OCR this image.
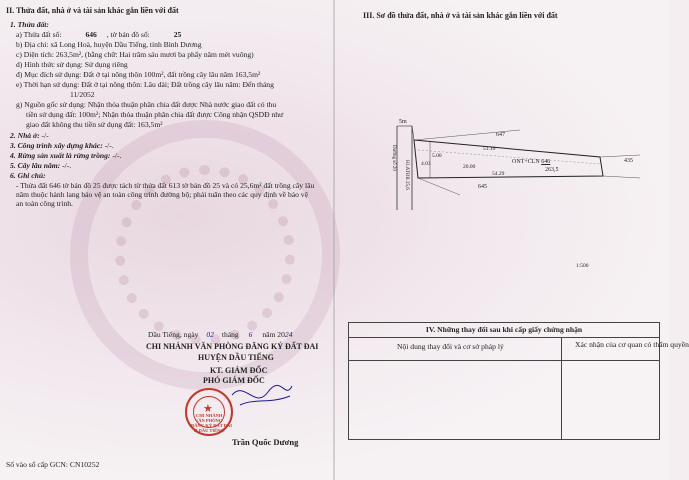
II. Thửa đất, nhà ở và tài sản khác gắn liền với đất
1. Thửa đất:
a) Thửa đất số:	646 , tờ bản đồ số:	25
b) Địa chỉ: xã Long Hoà, huyện Dầu Tiếng, tỉnh Bình Dương
c) Diện tích: 263,5m², (bằng chữ: Hai trăm sáu mươi ba phẩy năm mét vuông)
d) Hình thức sử dụng: Sử dụng riêng
đ) Mục đích sử dụng: Đất ở tại nông thôn 100m², đất trồng cây lâu năm 163,5m²
e) Thời hạn sử dụng: Đất ở tại nông thôn: Lâu dài; Đất trồng cây lâu năm: Đến tháng
11/2052
g) Nguồn gốc sử dụng: Nhận thỏa thuận phân chia đất được Nhà nước giao đất có thu
tiền sử dụng đất: 100m²; Nhận thỏa thuận phân chia đất được Công nhận QSDĐ như
giao đất không thu tiền sử dụng đất: 163,5m²
2. Nhà ở: -/-
3. Công trình xây dựng khác: -/-.
4. Rừng sản xuất là rừng trồng: -/-.
5. Cây lâu năm: -/-.
6. Ghi chú:
- Thửa đất 646 tờ bản đồ 25 được tách từ thửa đất 613 tờ bản đồ 25 và có 25,6m² đất trồng cây lâu năm thuộc hành lang bảo vệ an toàn công trình đường bộ; phải tuân theo các quy định về bảo vệ an toàn công trình.
Dầu Tiếng, ngày 02 tháng 6 năm 2024
CHI NHÁNH VĂN PHÒNG ĐĂNG KÝ ĐẤT ĐAI
HUYỆN DẦU TIẾNG
KT. GIÁM ĐỐC
PHÓ GIÁM ĐỐC
★
CHI NHÁNH
VĂN PHÒNG
ĐĂNG KÝ ĐẤT ĐAI
H.DẦU TIẾNG
Trần Quốc Dương
Số vào sổ cấp GCN: CN10252
III. Sơ đồ thửa đất, nhà ở và tài sản khác gắn liền với đất
5m
Đường số 20	HLATĐB 25,6
4.03
5.00
647
51.10
20.00
54.29
ONT+CLN 646
263,5
435
645
1:500
IV. Những thay đổi sau khi cấp giấy chứng nhận
Nội dung thay đổi và cơ sở pháp lý	Xác nhận của cơ quan có thẩm quyền
